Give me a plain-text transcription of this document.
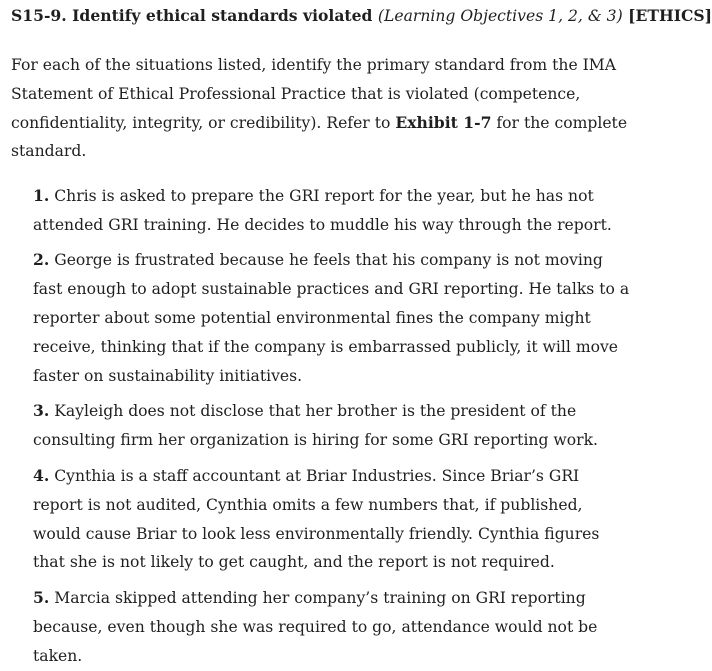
S15-9. Identify ethical standards violated (Learning Objectives 1, 2, & 3) [ETHICS]

For each of the situations listed, identify the primary standard from the IMA Statement of Ethical Professional Practice that is violated (competence, confidentiality, integrity, or credibility). Refer to Exhibit 1-7 for the complete standard.

1. Chris is asked to prepare the GRI report for the year, but he has not attended GRI training. He decides to muddle his way through the report.
2. George is frustrated because he feels that his company is not moving fast enough to adopt sustainable practices and GRI reporting. He talks to a reporter about some potential environmental fines the company might receive, thinking that if the company is embarrassed publicly, it will move faster on sustainability initiatives.
3. Kayleigh does not disclose that her brother is the president of the consulting firm her organization is hiring for some GRI reporting work.
4. Cynthia is a staff accountant at Briar Industries. Since Briar’s GRI report is not audited, Cynthia omits a few numbers that, if published, would cause Briar to look less environmentally friendly. Cynthia figures that she is not likely to get caught, and the report is not required.
5. Marcia skipped attending her company’s training on GRI reporting because, even though she was required to go, attendance would not be taken.
